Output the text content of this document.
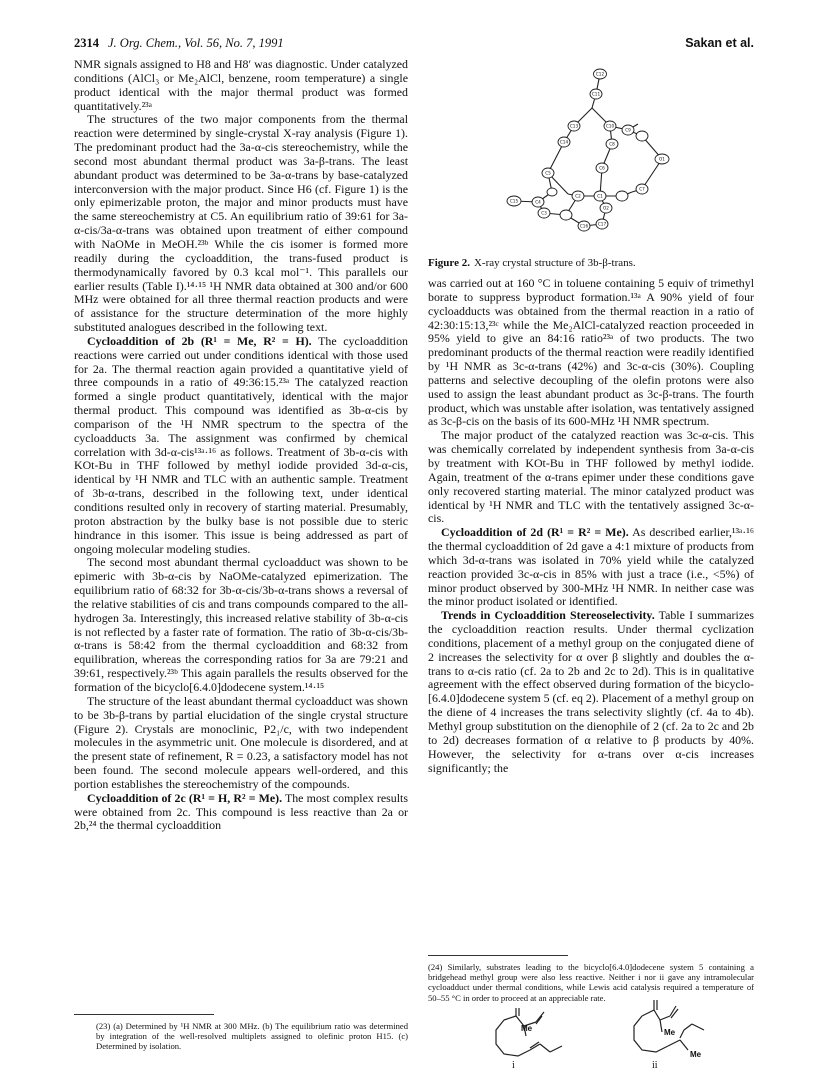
2314 J. Org. Chem., Vol. 56, No. 7, 1991	Sakan et al.

NMR signals assigned to H8 and H8′ was diagnostic. Under catalyzed conditions (AlCl₃ or Me₂AlCl, benzene, room temperature) a single product identical with the major thermal product was formed quantitatively.²³ᵃ

The structures of the two major components from the thermal reaction were determined by single-crystal X-ray analysis (Figure 1). The predominant product had the 3a-α-cis stereochemistry, while the second most abundant thermal product was 3a-β-trans. The least abundant product was determined to be 3a-α-trans by base-catalyzed interconversion with the major product. Since H6 (cf. Figure 1) is the only epimerizable proton, the major and minor products must have the same stereochemistry at C5. An equilibrium ratio of 39:61 for 3a-α-cis/3a-α-trans was obtained upon treatment of either compound with NaOMe in MeOH.²³ᵇ While the cis isomer is formed more readily during the cycloaddition, the trans-fused product is thermodynamically favored by 0.3 kcal mol⁻¹. This parallels our earlier results (Table I).¹⁴·¹⁵ ¹H NMR data obtained at 300 and/or 600 MHz were obtained for all three thermal reaction products and were of assistance for the structure determination of the more highly substituted analogues described in the following text.

Cycloaddition of 2b (R¹ = Me, R² = H). The cycloaddition reactions were carried out under conditions identical with those used for 2a. The thermal reaction again provided a quantitative yield of three compounds in a ratio of 49:36:15.²³ᵃ The catalyzed reaction formed a single product quantitatively, identical with the major thermal product. This compound was identified as 3b-α-cis by comparison of the ¹H NMR spectrum to the spectra of the cycloadducts 3a. The assignment was confirmed by chemical correlation with 3d-α-cis¹³ᵃ·¹⁶ as follows. Treatment of 3b-α-cis with KOt-Bu in THF followed by methyl iodide provided 3d-α-cis, identical by ¹H NMR and TLC with an authentic sample. Treatment of 3b-α-trans, described in the following text, under identical conditions resulted only in recovery of starting material. Presumably, proton abstraction by the bulky base is not possible due to steric hindrance in this isomer. This issue is being addressed as part of ongoing molecular modeling studies.

The second most abundant thermal cycloadduct was shown to be epimeric with 3b-α-cis by NaOMe-catalyzed epimerization. The equilibrium ratio of 68:32 for 3b-α-cis/3b-α-trans shows a reversal of the relative stabilities of cis and trans compounds compared to the all-hydrogen 3a. Interestingly, this increased relative stability of 3b-α-cis is not reflected by a faster rate of formation. The ratio of 3b-α-cis/3b-α-trans is 58:42 from the thermal cycloaddition and 68:32 from equilibration, whereas the corresponding ratios for 3a are 79:21 and 39:61, respectively.²³ᵇ This again parallels the results observed for the formation of the bicyclo[6.4.0]dodecene system.¹⁴·¹⁵

The structure of the least abundant thermal cycloadduct was shown to be 3b-β-trans by partial elucidation of the single crystal structure (Figure 2). Crystals are monoclinic, P2₁/c, with two independent molecules in the asymmetric unit. One molecule is disordered, and at the present state of refinement, R = 0.23, a satisfactory model has not been found. The second molecule appears well-ordered, and this portion establishes the stereochemistry of the compounds.

Cycloaddition of 2c (R¹ = H, R² = Me). The most complex results were obtained from 2c. This compound is less reactive than 2a or 2b,²⁴ the thermal cycloaddition

C12
C11
O1
C13	C10
C9
C8
C14
C5
C6
C15	C4
C7
C3
C2
C16 C17
C1
O2
Figure 2. X-ray crystal structure of 3b-β-trans.

was carried out at 160 °C in toluene containing 5 equiv of trimethyl borate to suppress byproduct formation.¹³ᵃ A 90% yield of four cycloadducts was obtained from the thermal reaction in a ratio of 42:30:15:13,²³ᶜ while the Me₂AlCl-catalyzed reaction proceeded in 95% yield to give an 84:16 ratio²³ᵃ of two products. The two predominant products of the thermal reaction were readily identified by ¹H NMR as 3c-α-trans (42%) and 3c-α-cis (30%). Coupling patterns and selective decoupling of the olefin protons were also used to assign the least abundant product as 3c-β-trans. The fourth product, which was unstable after isolation, was tentatively assigned as 3c-β-cis on the basis of its 600-MHz ¹H NMR spectrum.

The major product of the catalyzed reaction was 3c-α-cis. This was chemically correlated by independent synthesis from 3a-α-cis by treatment with KOt-Bu in THF followed by methyl iodide. Again, treatment of the α-trans epimer under these conditions gave only recovered starting material. The minor catalyzed product was identical by ¹H NMR and TLC with the tentatively assigned 3c-α-cis.

Cycloaddition of 2d (R¹ = R² = Me). As described earlier,¹³ᵃ·¹⁶ the thermal cycloaddition of 2d gave a 4:1 mixture of products from which 3d-α-trans was isolated in 70% yield while the catalyzed reaction provided 3c-α-cis in 85% with just a trace (i.e., <5%) of minor product observed by 300-MHz ¹H NMR. In neither case was the minor product isolated or identified.

Trends in Cycloaddition Stereoselectivity. Table I summarizes the cycloaddition reaction results. Under thermal cyclization conditions, placement of a methyl group on the conjugated diene of 2 increases the selectivity for α over β slightly and doubles the α-trans to α-cis ratio (cf. 2a to 2b and 2c to 2d). This is in qualitative agreement with the effect observed during formation of the bicyclo-[6.4.0]dodecene system 5 (cf. eq 2). Placement of a methyl group on the diene of 4 increases the trans selectivity slightly (cf. 4a to 4b). Methyl group substitution on the dienophile of 2 (cf. 2a to 2c and 2b to 2d) decreases formation of α relative to β products by 40%. However, the selectivity for α-trans over α-cis increases significantly; the

(24) Similarly, substrates leading to the bicyclo[6.4.0]dodecene system 5 containing a bridgehead methyl group were also less reactive. Neither i nor ii gave any intramolecular cycloadduct under thermal conditions, while Lewis acid catalysis required a temperature of 50–55 °C in order to proceed at an appreciable rate.
Me
i
Me
Me
ii
(23) (a) Determined by ¹H NMR at 300 MHz. (b) The equilibrium ratio was determined by integration of the well-resolved multiplets assigned to olefinic proton H15. (c) Determined by isolation.
